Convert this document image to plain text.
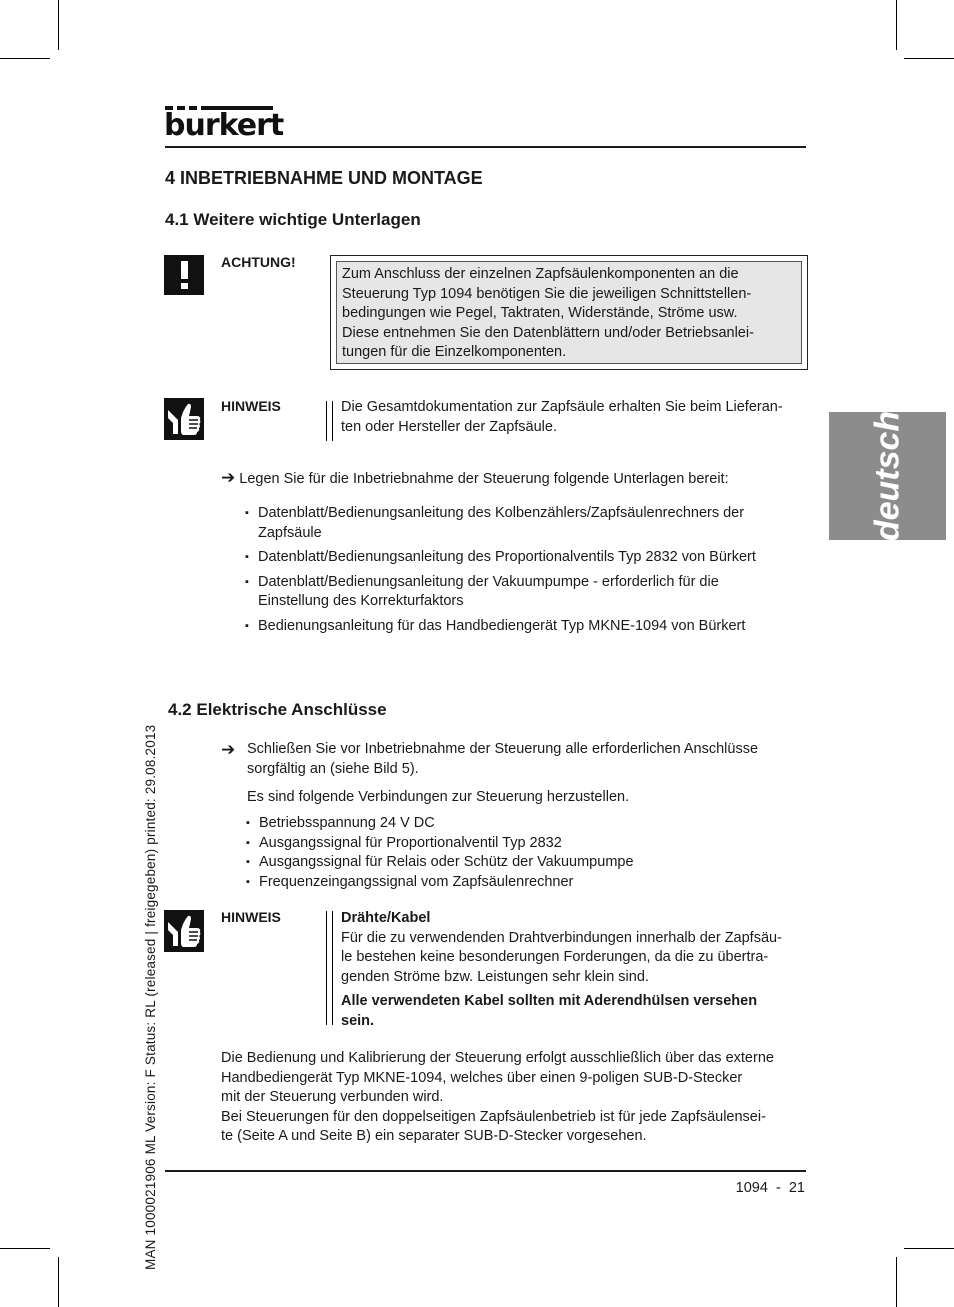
burkert
MAN 1000021906 ML Version: F Status: RL (released | freigegeben) printed: 29.08.2013
deutsch
4 INBETRIEBNAHME UND MONTAGE
4.1 Weitere wichtige Unterlagen
ACHTUNG!
Zum Anschluss der einzelnen Zapfsäulenkomponenten an die
Steuerung Typ 1094 benötigen Sie die jeweiligen Schnittstellen-
bedingungen wie Pegel, Taktraten, Widerstände, Ströme usw.
Diese entnehmen Sie den Datenblättern und/oder Betriebsanlei-
tungen für die Einzelkomponenten.
HINWEIS	Die Gesamtdokumentation zur Zapfsäule erhalten Sie beim Lieferan-
ten oder Hersteller der Zapfsäule.
➔ Legen Sie für die Inbetriebnahme der Steuerung folgende Unterlagen bereit:
▪ Datenblatt/Bedienungsanleitung des Kolbenzählers/Zapfsäulenrechners der
Zapfsäule
▪ Datenblatt/Bedienungsanleitung des Proportionalventils Typ 2832 von Bürkert
▪ Datenblatt/Bedienungsanleitung der Vakuumpumpe - erforderlich für die
Einstellung des Korrekturfaktors
▪ Bedienungsanleitung für das Handbediengerät Typ MKNE-1094 von Bürkert
4.2 Elektrische Anschlüsse
➔ Schließen Sie vor Inbetriebnahme der Steuerung alle erforderlichen Anschlüsse
sorgfältig an (siehe Bild 5).
Es sind folgende Verbindungen zur Steuerung herzustellen.
▪ Betriebsspannung 24 V DC
▪ Ausgangssignal für Proportionalventil Typ 2832
▪ Ausgangssignal für Relais oder Schütz der Vakuumpumpe
▪ Frequenzeingangssignal vom Zapfsäulenrechner
HINWEIS	Drähte/Kabel
Für die zu verwendenden Drahtverbindungen innerhalb der Zapfsäu-
le bestehen keine besonderungen Forderungen, da die zu übertra-
genden Ströme bzw. Leistungen sehr klein sind.
Alle verwendeten Kabel sollten mit Aderendhülsen versehen
sein.
Die Bedienung und Kalibrierung der Steuerung erfolgt ausschließlich über das externe
Handbediengerät Typ MKNE-1094, welches über einen 9-poligen SUB-D-Stecker
mit der Steuerung verbunden wird.
Bei Steuerungen für den doppelseitigen Zapfsäulenbetrieb ist für jede Zapfsäulensei-
te (Seite A und Seite B) ein separater SUB-D-Stecker vorgesehen.
1094  -  21
